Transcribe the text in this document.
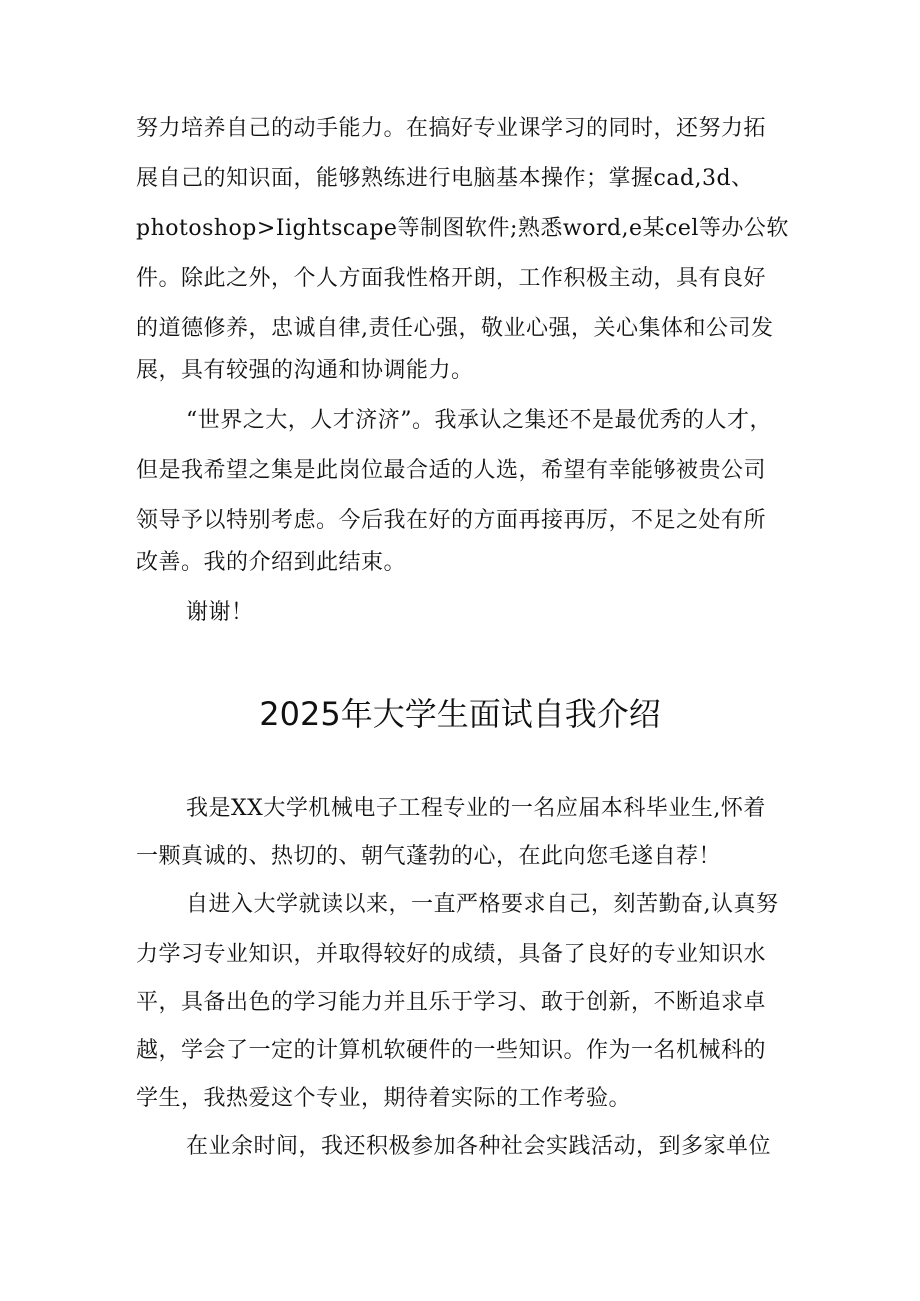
努力培养自己的动手能力。在搞好专业课学习的同时，还努力拓
展自己的知识面，能够熟练进行电脑基本操作；掌握cad,3d、
photoshop>Iightscape等制图软件;熟悉word,e某cel等办公软
件。除此之外，个人方面我性格开朗，工作积极主动，具有良好
的道德修养，忠诚自律,责任心强，敬业心强，关心集体和公司发
展，具有较强的沟通和协调能力。
“世界之大，人才济济”。我承认之集还不是最优秀的人才，
但是我希望之集是此岗位最合适的人选，希望有幸能够被贵公司
领导予以特别考虑。今后我在好的方面再接再厉，不足之处有所
改善。我的介绍到此结束。
谢谢！
2025年大学生面试自我介绍
我是XX大学机械电子工程专业的一名应届本科毕业生,怀着
一颗真诚的、热切的、朝气蓬勃的心，在此向您毛遂自荐！
自进入大学就读以来，一直严格要求自己，刻苦勤奋,认真努
力学习专业知识，并取得较好的成绩，具备了良好的专业知识水
平，具备出色的学习能力并且乐于学习、敢于创新，不断追求卓
越，学会了一定的计算机软硬件的一些知识。作为一名机械科的
学生，我热爱这个专业，期待着实际的工作考验。
在业余时间，我还积极参加各种社会实践活动，到多家单位
